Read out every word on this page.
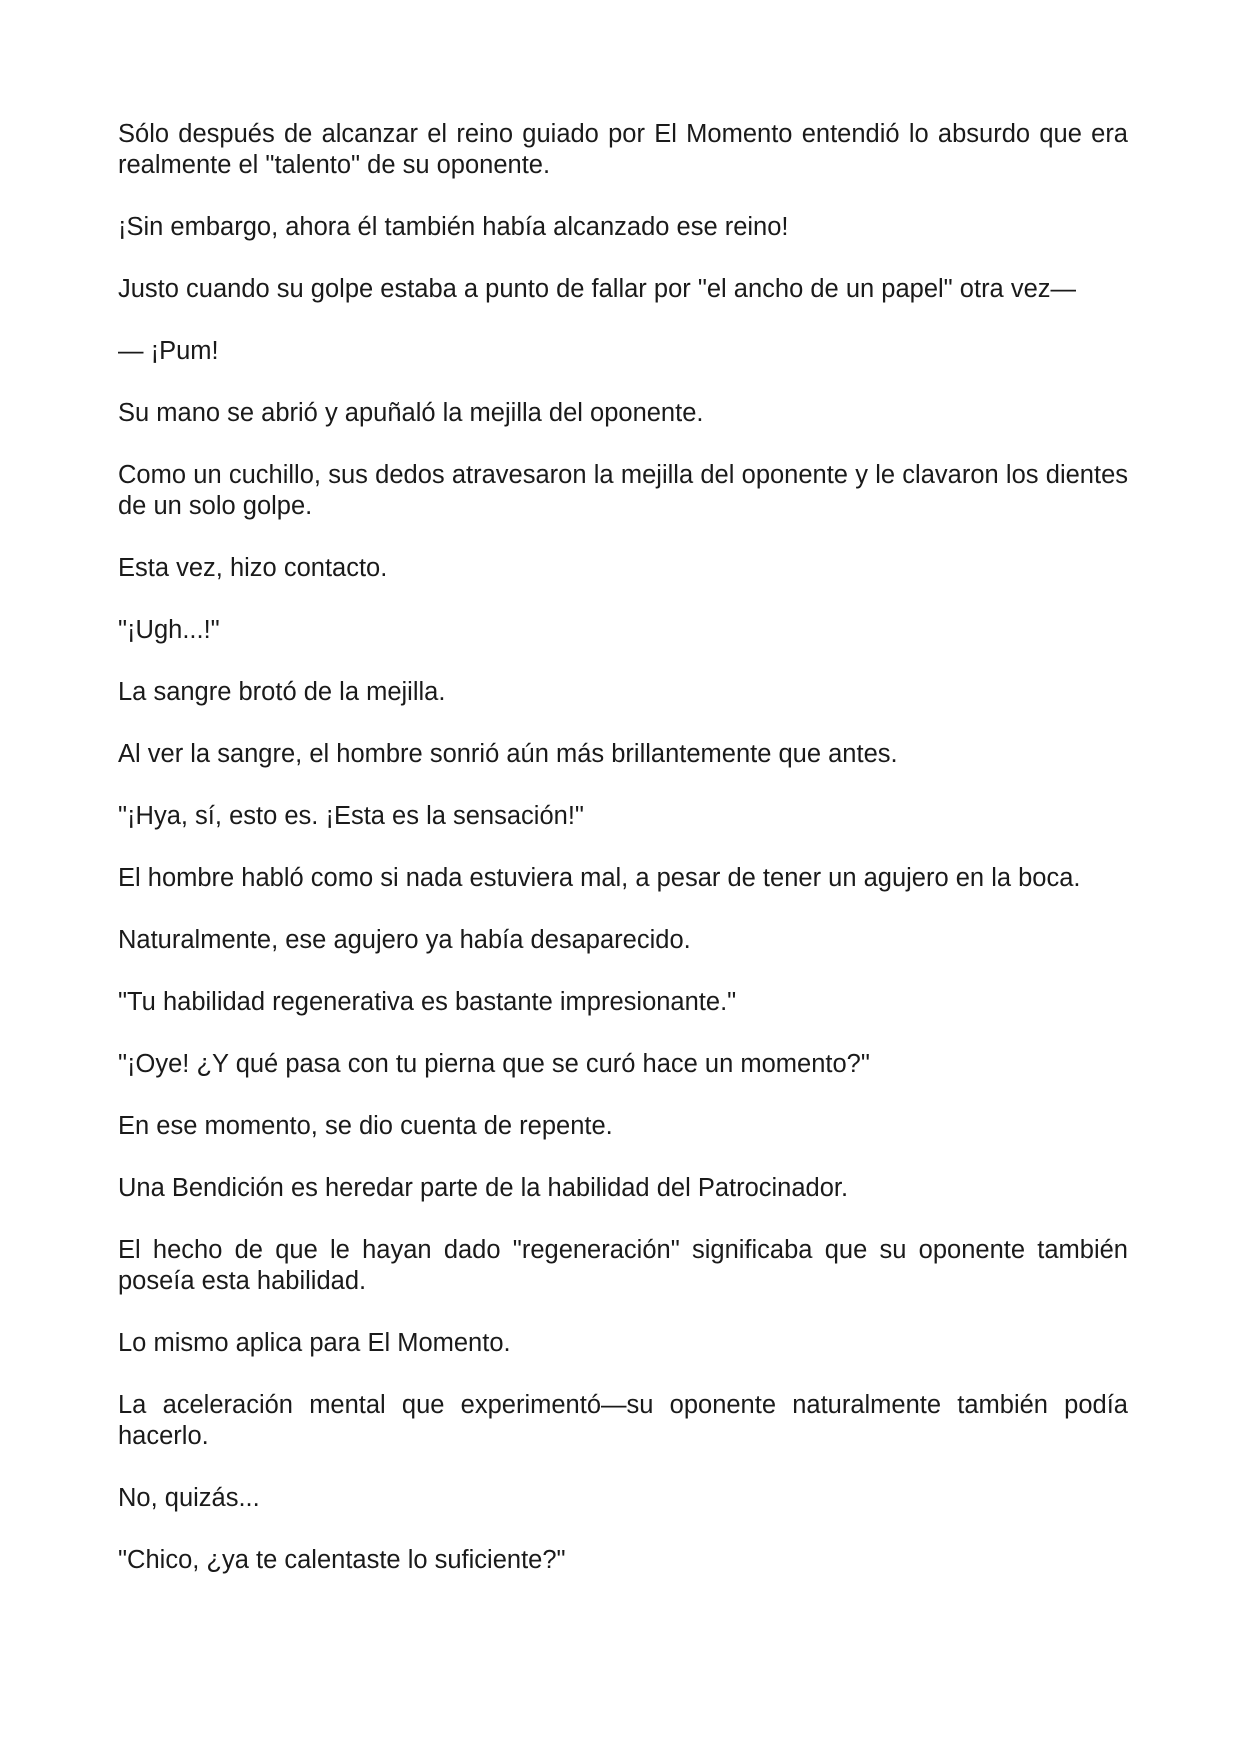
Sólo después de alcanzar el reino guiado por El Momento entendió lo absurdo que era realmente el "talento" de su oponente.

¡Sin embargo, ahora él también había alcanzado ese reino!

Justo cuando su golpe estaba a punto de fallar por "el ancho de un papel" otra vez—

— ¡Pum!

Su mano se abrió y apuñaló la mejilla del oponente.

Como un cuchillo, sus dedos atravesaron la mejilla del oponente y le clavaron los dientes de un solo golpe.

Esta vez, hizo contacto.

"¡Ugh...!"

La sangre brotó de la mejilla.

Al ver la sangre, el hombre sonrió aún más brillantemente que antes.

"¡Hya, sí, esto es. ¡Esta es la sensación!"

El hombre habló como si nada estuviera mal, a pesar de tener un agujero en la boca.

Naturalmente, ese agujero ya había desaparecido.

"Tu habilidad regenerativa es bastante impresionante."

"¡Oye! ¿Y qué pasa con tu pierna que se curó hace un momento?"

En ese momento, se dio cuenta de repente.

Una Bendición es heredar parte de la habilidad del Patrocinador.

El hecho de que le hayan dado "regeneración" significaba que su oponente también poseía esta habilidad.

Lo mismo aplica para El Momento.

La aceleración mental que experimentó—su oponente naturalmente también podía hacerlo.

No, quizás...

"Chico, ¿ya te calentaste lo suficiente?"
